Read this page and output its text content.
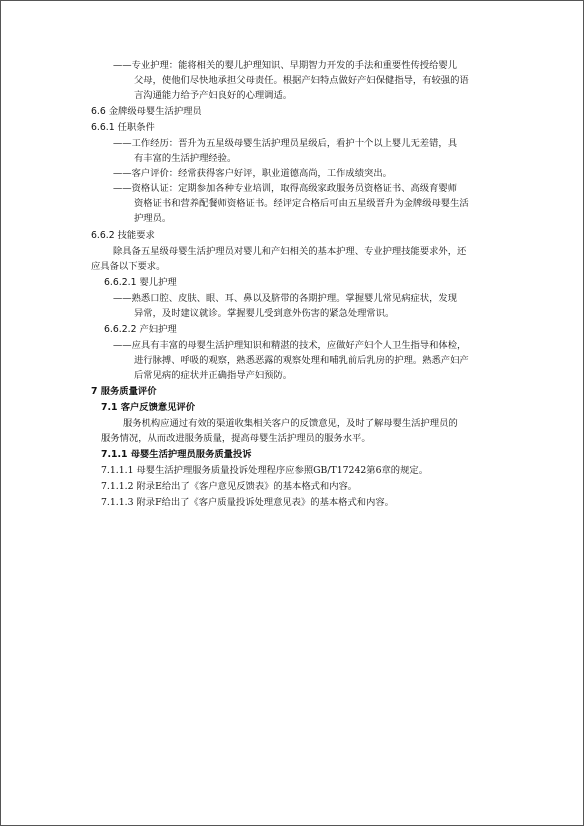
——专业护理：能将相关的婴儿护理知识、早期智力开发的手法和重要性传授给婴儿
父母，使他们尽快地承担父母责任。根据产妇特点做好产妇保健指导，有较强的语
言沟通能力给予产妇良好的心理调适。
6.6 金牌级母婴生活护理员
6.6.1 任职条件
——工作经历：晋升为五星级母婴生活护理员星级后，看护十个以上婴儿无差错，具
有丰富的生活护理经验。
——客户评价：经常获得客户好评，职业道德高尚，工作成绩突出。
——资格认证：定期参加各种专业培训，取得高级家政服务员资格证书、高级育婴师
资格证书和营养配餐师资格证书。经评定合格后可由五星级晋升为金牌级母婴生活
护理员。
6.6.2 技能要求
除具备五星级母婴生活护理员对婴儿和产妇相关的基本护理、专业护理技能要求外，还
应具备以下要求。
6.6.2.1 婴儿护理
——熟悉口腔、皮肤、眼、耳、鼻以及脐带的各期护理。掌握婴儿常见病症状，发现
异常，及时建议就诊。掌握婴儿受到意外伤害的紧急处理常识。
6.6.2.2 产妇护理
——应具有丰富的母婴生活护理知识和精湛的技术，应做好产妇个人卫生指导和体检，
进行脉搏、呼吸的观察，熟悉恶露的观察处理和哺乳前后乳房的护理。熟悉产妇产
后常见病的症状并正确指导产妇预防。
7 服务质量评价
7.1 客户反馈意见评价
服务机构应通过有效的渠道收集相关客户的反馈意见，及时了解母婴生活护理员的
服务情况，从而改进服务质量，提高母婴生活护理员的服务水平。
7.1.1 母婴生活护理员服务质量投诉
7.1.1.1 母婴生活护理服务质量投诉处理程序应参照GB/T17242第6章的规定。
7.1.1.2 附录E给出了《客户意见反馈表》的基本格式和内容。
7.1.1.3 附录F给出了《客户质量投诉处理意见表》的基本格式和内容。
